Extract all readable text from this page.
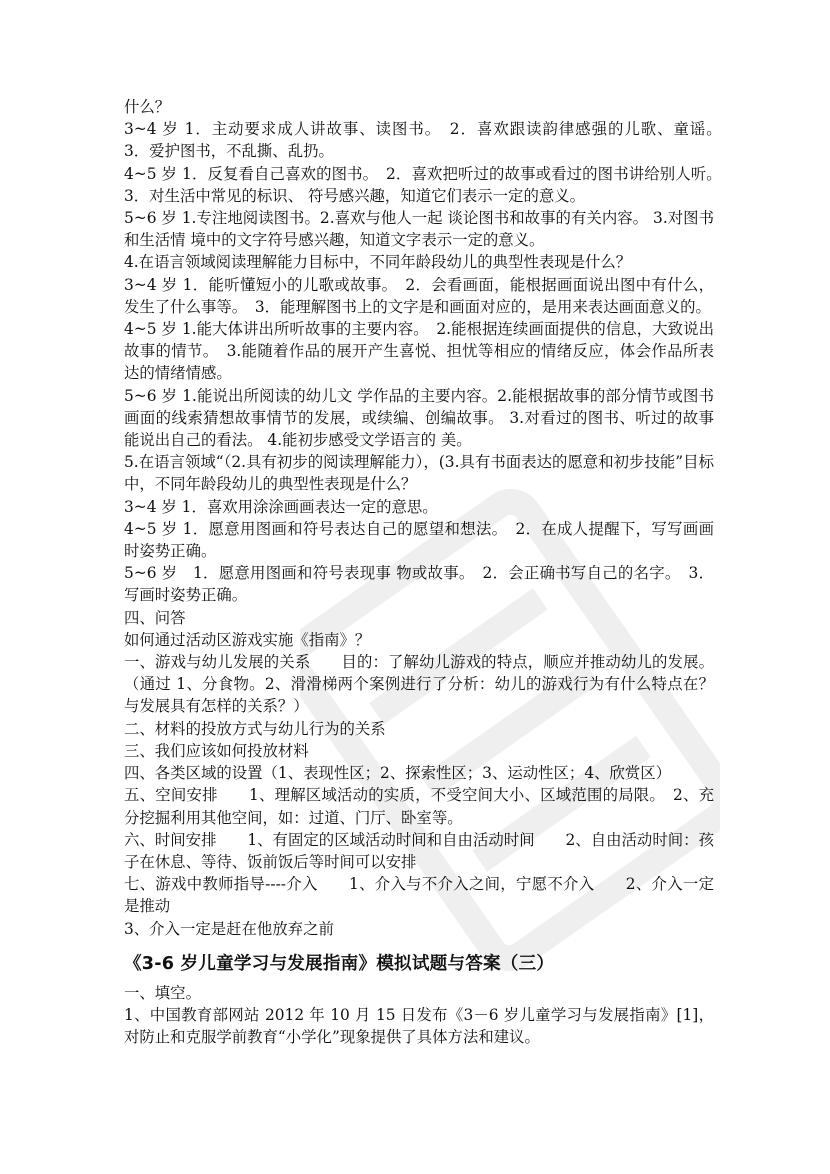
什么？

3~4 岁 1．主动要求成人讲故事、读图书。　2．喜欢跟读韵律感强的儿歌、童谣。　3．爱护图书，不乱撕、乱扔。

4~5 岁 1．反复看自己喜欢的图书。　2．喜欢把听过的故事或看过的图书讲给别人听。　3．对生活中常见的标识、 符号感兴趣，知道它们表示一定的意义。

5~6 岁 1.专注地阅读图书。2.喜欢与他人一起 谈论图书和故事的有关内容。 3.对图书和生活情 境中的文字符号感兴趣，知道文字表示一定的意义。

4.在语言领域阅读理解能力目标中，不同年龄段幼儿的典型性表现是什么？

3~4 岁 1．能听懂短小的儿歌或故事。　2．会看画面，能根据画面说出图中有什么，发生了什么事等。　3．能理解图书上的文字是和画面对应的，是用来表达画面意义的。

4~5 岁 1.能大体讲出所听故事的主要内容。　2.能根据连续画面提供的信息，大致说出故事的情节。　3.能随着作品的展开产生喜悦、担忧等相应的情绪反应，体会作品所表达的情绪情感。

5~6 岁 1.能说出所阅读的幼儿文 学作品的主要内容。2.能根据故事的部分情节或图书画面的线索猜想故事情节的发展，或续编、创编故事。 3.对看过的图书、听过的故事 能说出自己的看法。 4.能初步感受文学语言的 美。

5.在语言领域“（2.具有初步的阅读理解能力），(3.具有书面表达的愿意和初步技能”目标中，不同年龄段幼儿的典型性表现是什么？

3~4 岁 1．喜欢用涂涂画画表达一定的意思。

4~5 岁 1．愿意用图画和符号表达自己的愿望和想法。　2．在成人提醒下，写写画画时姿势正确。

5~6 岁　1．愿意用图画和符号表现事 物或故事。　2．会正确书写自己的名字。　3．写画时姿势正确。

四、问答

如何通过活动区游戏实施《指南》？

一、游戏与幼儿发展的关系　　目的：了解幼儿游戏的特点，顺应并推动幼儿的发展。（通过 1、分食物。2、滑滑梯两个案例进行了分析：幼儿的游戏行为有什么特点在？与发展具有怎样的关系？）

二、材料的投放方式与幼儿行为的关系

三、我们应该如何投放材料

四、各类区域的设置（1、表现性区；2、探索性区；3、运动性区；4、欣赏区）

五、空间安排　　1、理解区域活动的实质，不受空间大小、区域范围的局限。　2、充分挖掘利用其他空间，如：过道、门厅、卧室等。

六、时间安排　　1、有固定的区域活动时间和自由活动时间　　2、自由活动时间：孩子在休息、等待、饭前饭后等时间可以安排

七、游戏中教师指导----介入　　1、介入与不介入之间，宁愿不介入　　2、介入一定是推动

3、介入一定是赶在他放弃之前

《3-6 岁儿童学习与发展指南》模拟试题与答案（三）

一、填空。

1、中国教育部网站 2012 年 10 月 15 日发布《3－6 岁儿童学习与发展指南》[1]，对防止和克服学前教育“小学化”现象提供了具体方法和建议。
